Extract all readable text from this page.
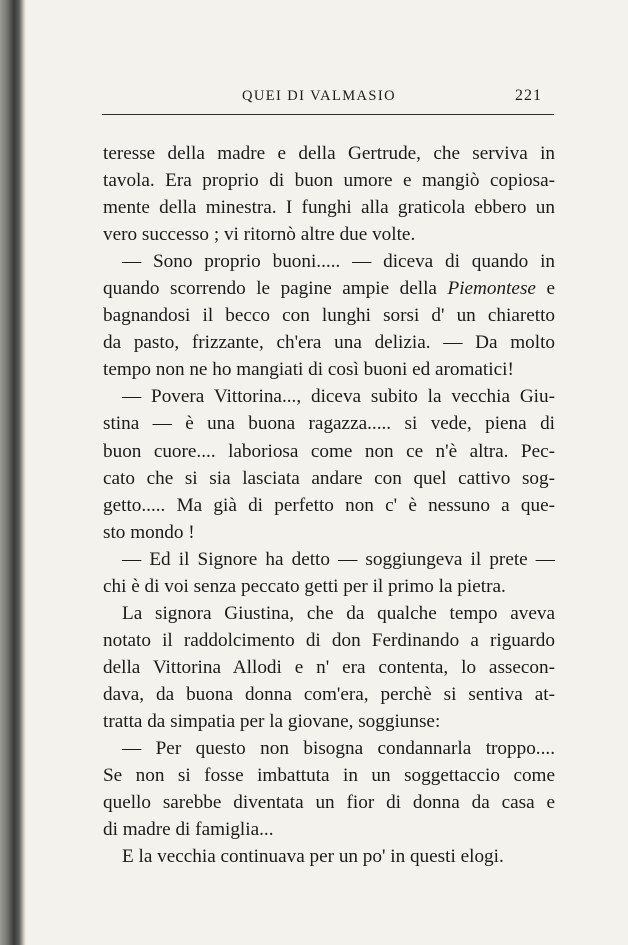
QUEI DI VALMASIO	221
teresse della madre e della Gertrude, che serviva in
tavola. Era proprio di buon umore e mangiò copiosa-
mente della minestra. I funghi alla graticola ebbero un
vero successo ; vi ritornò altre due volte.
— Sono proprio buoni..... — diceva di quando in
quando scorrendo le pagine ampie della Piemontese e
bagnandosi il becco con lunghi sorsi d' un chiaretto
da pasto, frizzante, ch'era una delizia. — Da molto
tempo non ne ho mangiati di così buoni ed aromatici!
— Povera Vittorina..., diceva subito la vecchia Giu-
stina — è una buona ragazza..... si vede, piena di
buon cuore.... laboriosa come non ce n'è altra. Pec-
cato che si sia lasciata andare con quel cattivo sog-
getto..... Ma già di perfetto non c' è nessuno a que-
sto mondo !
— Ed il Signore ha detto — soggiungeva il prete —
chi è di voi senza peccato getti per il primo la pietra.
La signora Giustina, che da qualche tempo aveva
notato il raddolcimento di don Ferdinando a riguardo
della Vittorina Allodi e n' era contenta, lo assecon-
dava, da buona donna com'era, perchè si sentiva at-
tratta da simpatia per la giovane, soggiunse:
— Per questo non bisogna condannarla troppo....
Se non si fosse imbattuta in un soggettaccio come
quello sarebbe diventata un fior di donna da casa e
di madre di famiglia...
E la vecchia continuava per un po' in questi elogi.
